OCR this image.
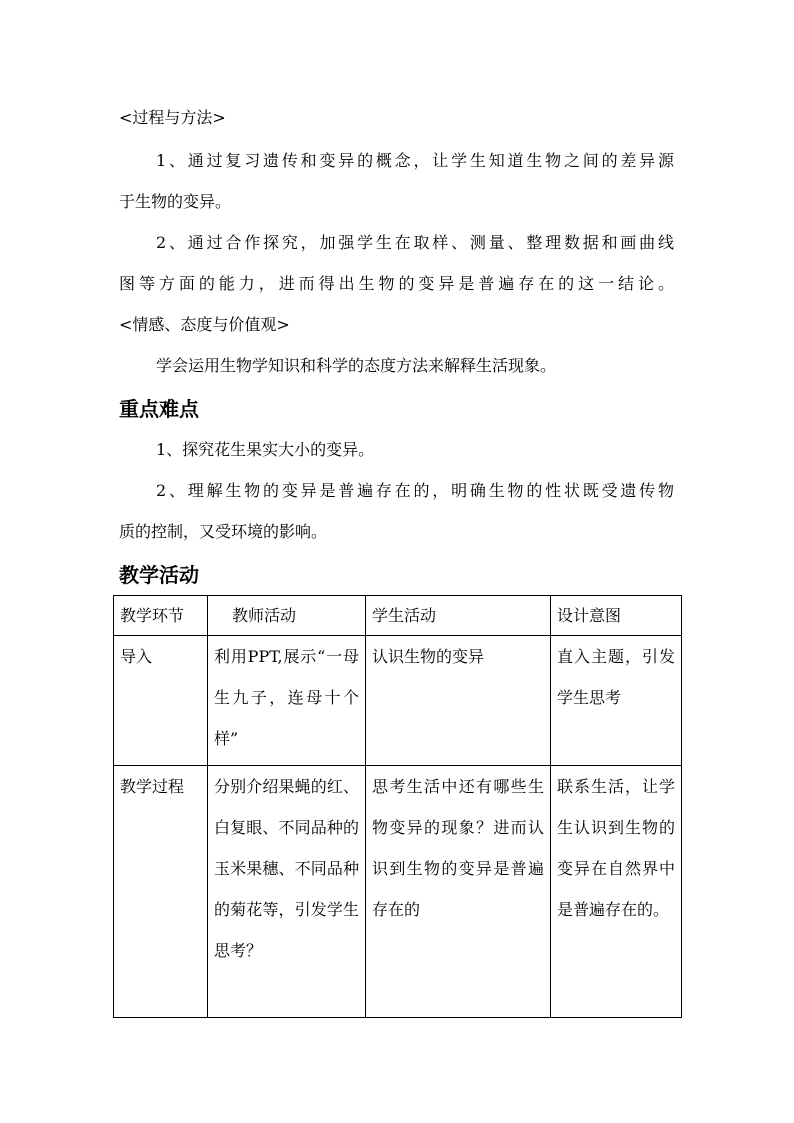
<过程与方法>
1、通过复习遗传和变异的概念，让学生知道生物之间的差异源
于生物的变异。
2、通过合作探究，加强学生在取样、测量、整理数据和画曲线
图等方面的能力，进而得出生物的变异是普遍存在的这一结论。
<情感、态度与价值观>
学会运用生物学知识和科学的态度方法来解释生活现象。
重点难点
1、探究花生果实大小的变异。
2、理解生物的变异是普遍存在的，明确生物的性状既受遗传物
质的控制，又受环境的影响。
教学活动
教学环节	教师活动	学生活动	设计意图
导入	利用PPT,展示“一母生九子，连母十个样”	认识生物的变异	直入主题，引发学生思考
教学过程	分别介绍果蝇的红、白复眼、不同品种的玉米果穗、不同品种的菊花等，引发学生思考？	思考生活中还有哪些生物变异的现象？进而认识到生物的变异是普遍存在的	联系生活，让学生认识到生物的变异在自然界中是普遍存在的。
